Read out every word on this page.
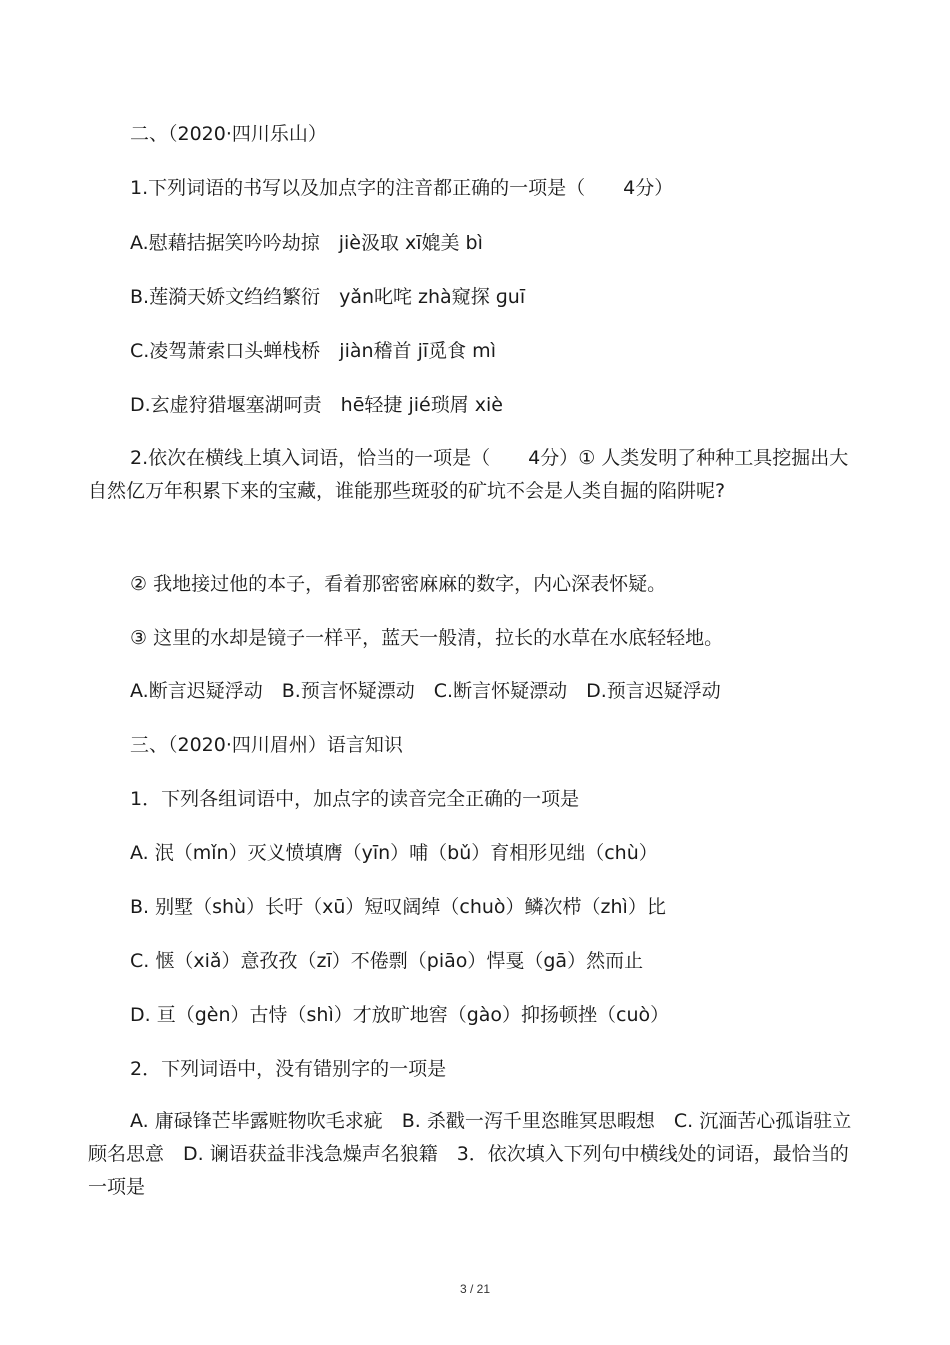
二、（2020·四川乐山）
1.下列词语的书写以及加点字的注音都正确的一项是（　　4分）
A.慰藉拮据笑吟吟劫掠　jiè汲取 xī媲美 bì
B.莲漪天娇文绉绉繁衍　yǎn叱咤 zhà窥探 ɡuī
C.凌驾萧索口头蝉栈桥　jiàn稽首 jī觅食 mì
D.玄虚狩猎堰塞湖呵责　hē轻捷 jié琐屑 xiè
2.依次在横线上填入词语，恰当的一项是（　　4分）① 人类发明了种种工具挖掘出大自然亿万年积累下来的宝藏，谁能那些斑驳的矿坑不会是人类自掘的陷阱呢?
② 我地接过他的本子，看着那密密麻麻的数字，内心深表怀疑。
③ 这里的水却是镜子一样平，蓝天一般清，拉长的水草在水底轻轻地。
A.断言迟疑浮动　B.预言怀疑漂动　C.断言怀疑漂动　D.预言迟疑浮动
三、（2020·四川眉州）语言知识
1．下列各组词语中，加点字的读音完全正确的一项是
A. 泯（mǐn）灭义愤填膺（yīn）哺（bǔ）育相形见绌（chù）
B. 别墅（shù）长吁（xū）短叹阔绰（chuò）鳞次栉（zhì）比
C. 惬（xiǎ）意孜孜（zī）不倦剽（piāo）悍戛（gā）然而止
D. 亘（gèn）古恃（shì）才放旷地窖（gào）抑扬顿挫（cuò）
2．下列词语中，没有错别字的一项是
A. 庸碌锋芒毕露赃物吹毛求疵　B. 杀戳一泻千里恣睢冥思暇想　C. 沉湎苦心孤诣驻立顾名思意　D. 谰语获益非浅急燥声名狼籍　3．依次填入下列句中横线处的词语，最恰当的一项是
3 / 21
